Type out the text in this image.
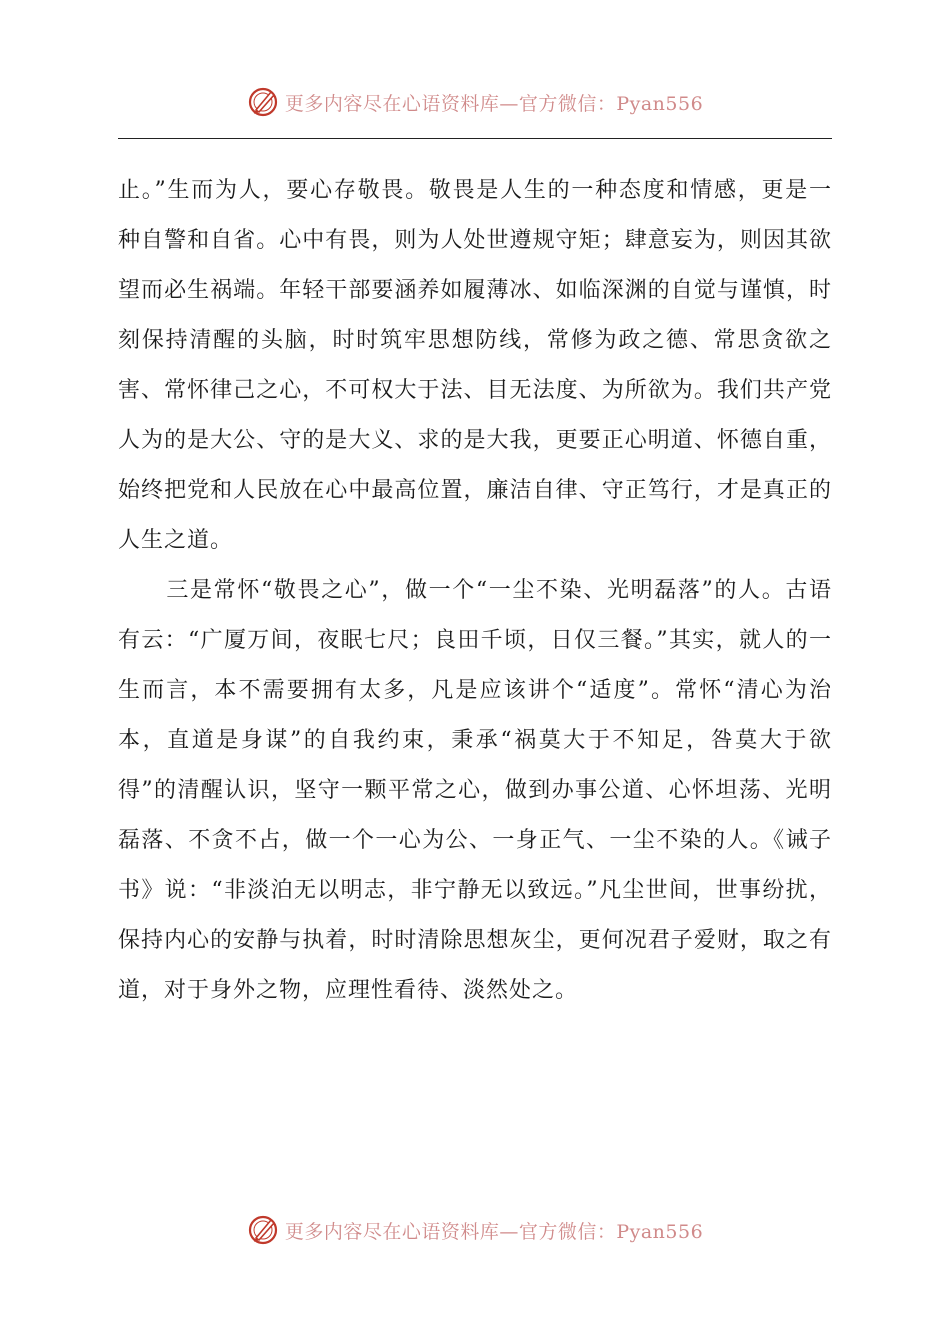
更多内容尽在心语资料库—官方微信：Pyan556

止。”生而为人，要心存敬畏。敬畏是人生的一种态度和情感，更是一种自警和自省。心中有畏，则为人处世遵规守矩；肆意妄为，则因其欲望而必生祸端。年轻干部要涵养如履薄冰、如临深渊的自觉与谨慎，时刻保持清醒的头脑，时时筑牢思想防线，常修为政之德、常思贪欲之害、常怀律己之心，不可权大于法、目无法度、为所欲为。我们共产党人为的是大公、守的是大义、求的是大我，更要正心明道、怀德自重，始终把党和人民放在心中最高位置，廉洁自律、守正笃行，才是真正的人生之道。

三是常怀“敬畏之心”，做一个“一尘不染、光明磊落”的人。古语有云：“广厦万间，夜眠七尺；良田千顷，日仅三餐。”其实，就人的一生而言，本不需要拥有太多，凡是应该讲个“适度”。常怀“清心为治本，直道是身谋”的自我约束，秉承“祸莫大于不知足，咎莫大于欲得”的清醒认识，坚守一颗平常之心，做到办事公道、心怀坦荡、光明磊落、不贪不占，做一个一心为公、一身正气、一尘不染的人。《诫子书》说：“非淡泊无以明志，非宁静无以致远。”凡尘世间，世事纷扰，保持内心的安静与执着，时时清除思想灰尘，更何况君子爱财，取之有道，对于身外之物，应理性看待、淡然处之。

更多内容尽在心语资料库—官方微信：Pyan556
